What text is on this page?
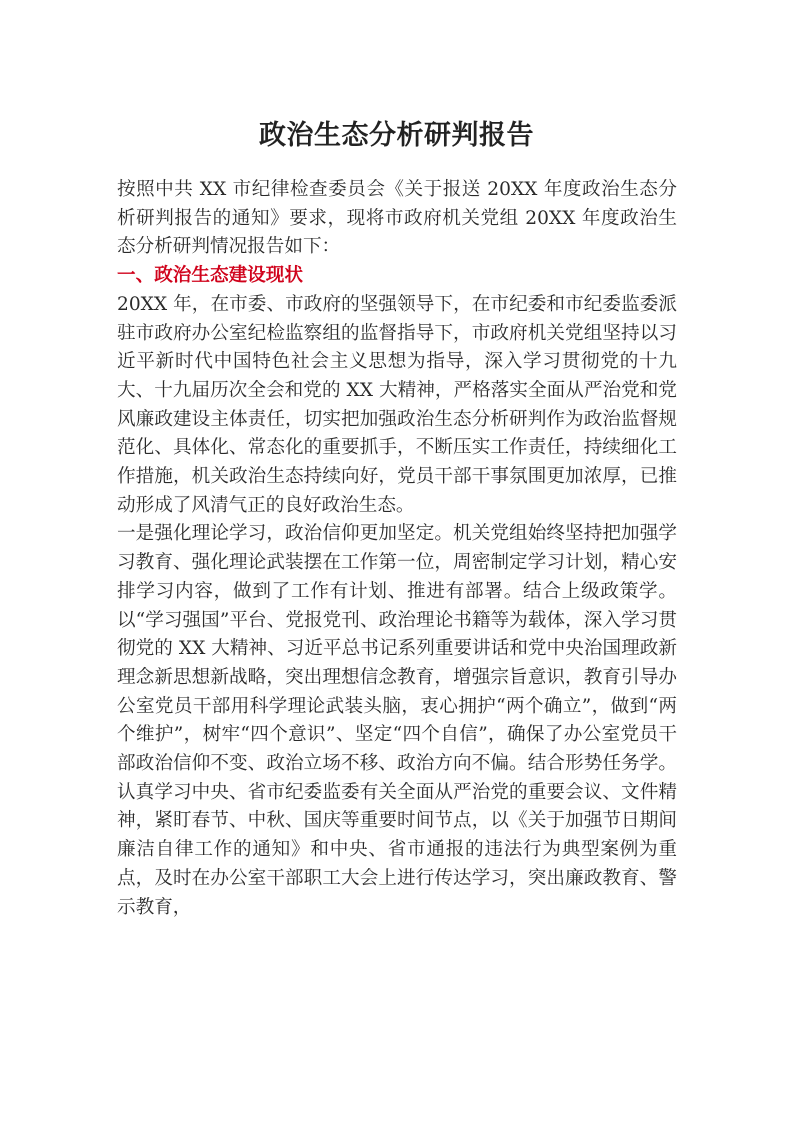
政治生态分析研判报告

按照中共 XX 市纪律检查委员会《关于报送 20XX 年度政治生态分析研判报告的通知》要求，现将市政府机关党组 20XX 年度政治生态分析研判情况报告如下：

一、政治生态建设现状

20XX 年，在市委、市政府的坚强领导下，在市纪委和市纪委监委派驻市政府办公室纪检监察组的监督指导下，市政府机关党组坚持以习近平新时代中国特色社会主义思想为指导，深入学习贯彻党的十九大、十九届历次全会和党的 XX 大精神，严格落实全面从严治党和党风廉政建设主体责任，切实把加强政治生态分析研判作为政治监督规范化、具体化、常态化的重要抓手，不断压实工作责任，持续细化工作措施，机关政治生态持续向好，党员干部干事氛围更加浓厚，已推动形成了风清气正的良好政治生态。

一是强化理论学习，政治信仰更加坚定。机关党组始终坚持把加强学习教育、强化理论武装摆在工作第一位，周密制定学习计划，精心安排学习内容，做到了工作有计划、推进有部署。结合上级政策学。以“学习强国”平台、党报党刊、政治理论书籍等为载体，深入学习贯彻党的 XX 大精神、习近平总书记系列重要讲话和党中央治国理政新理念新思想新战略，突出理想信念教育，增强宗旨意识，教育引导办公室党员干部用科学理论武装头脑，衷心拥护“两个确立”，做到“两个维护”，树牢“四个意识”、坚定“四个自信”，确保了办公室党员干部政治信仰不变、政治立场不移、政治方向不偏。结合形势任务学。认真学习中央、省市纪委监委有关全面从严治党的重要会议、文件精神，紧盯春节、中秋、国庆等重要时间节点，以《关于加强节日期间廉洁自律工作的通知》和中央、省市通报的违法行为典型案例为重点，及时在办公室干部职工大会上进行传达学习，突出廉政教育、警示教育，
